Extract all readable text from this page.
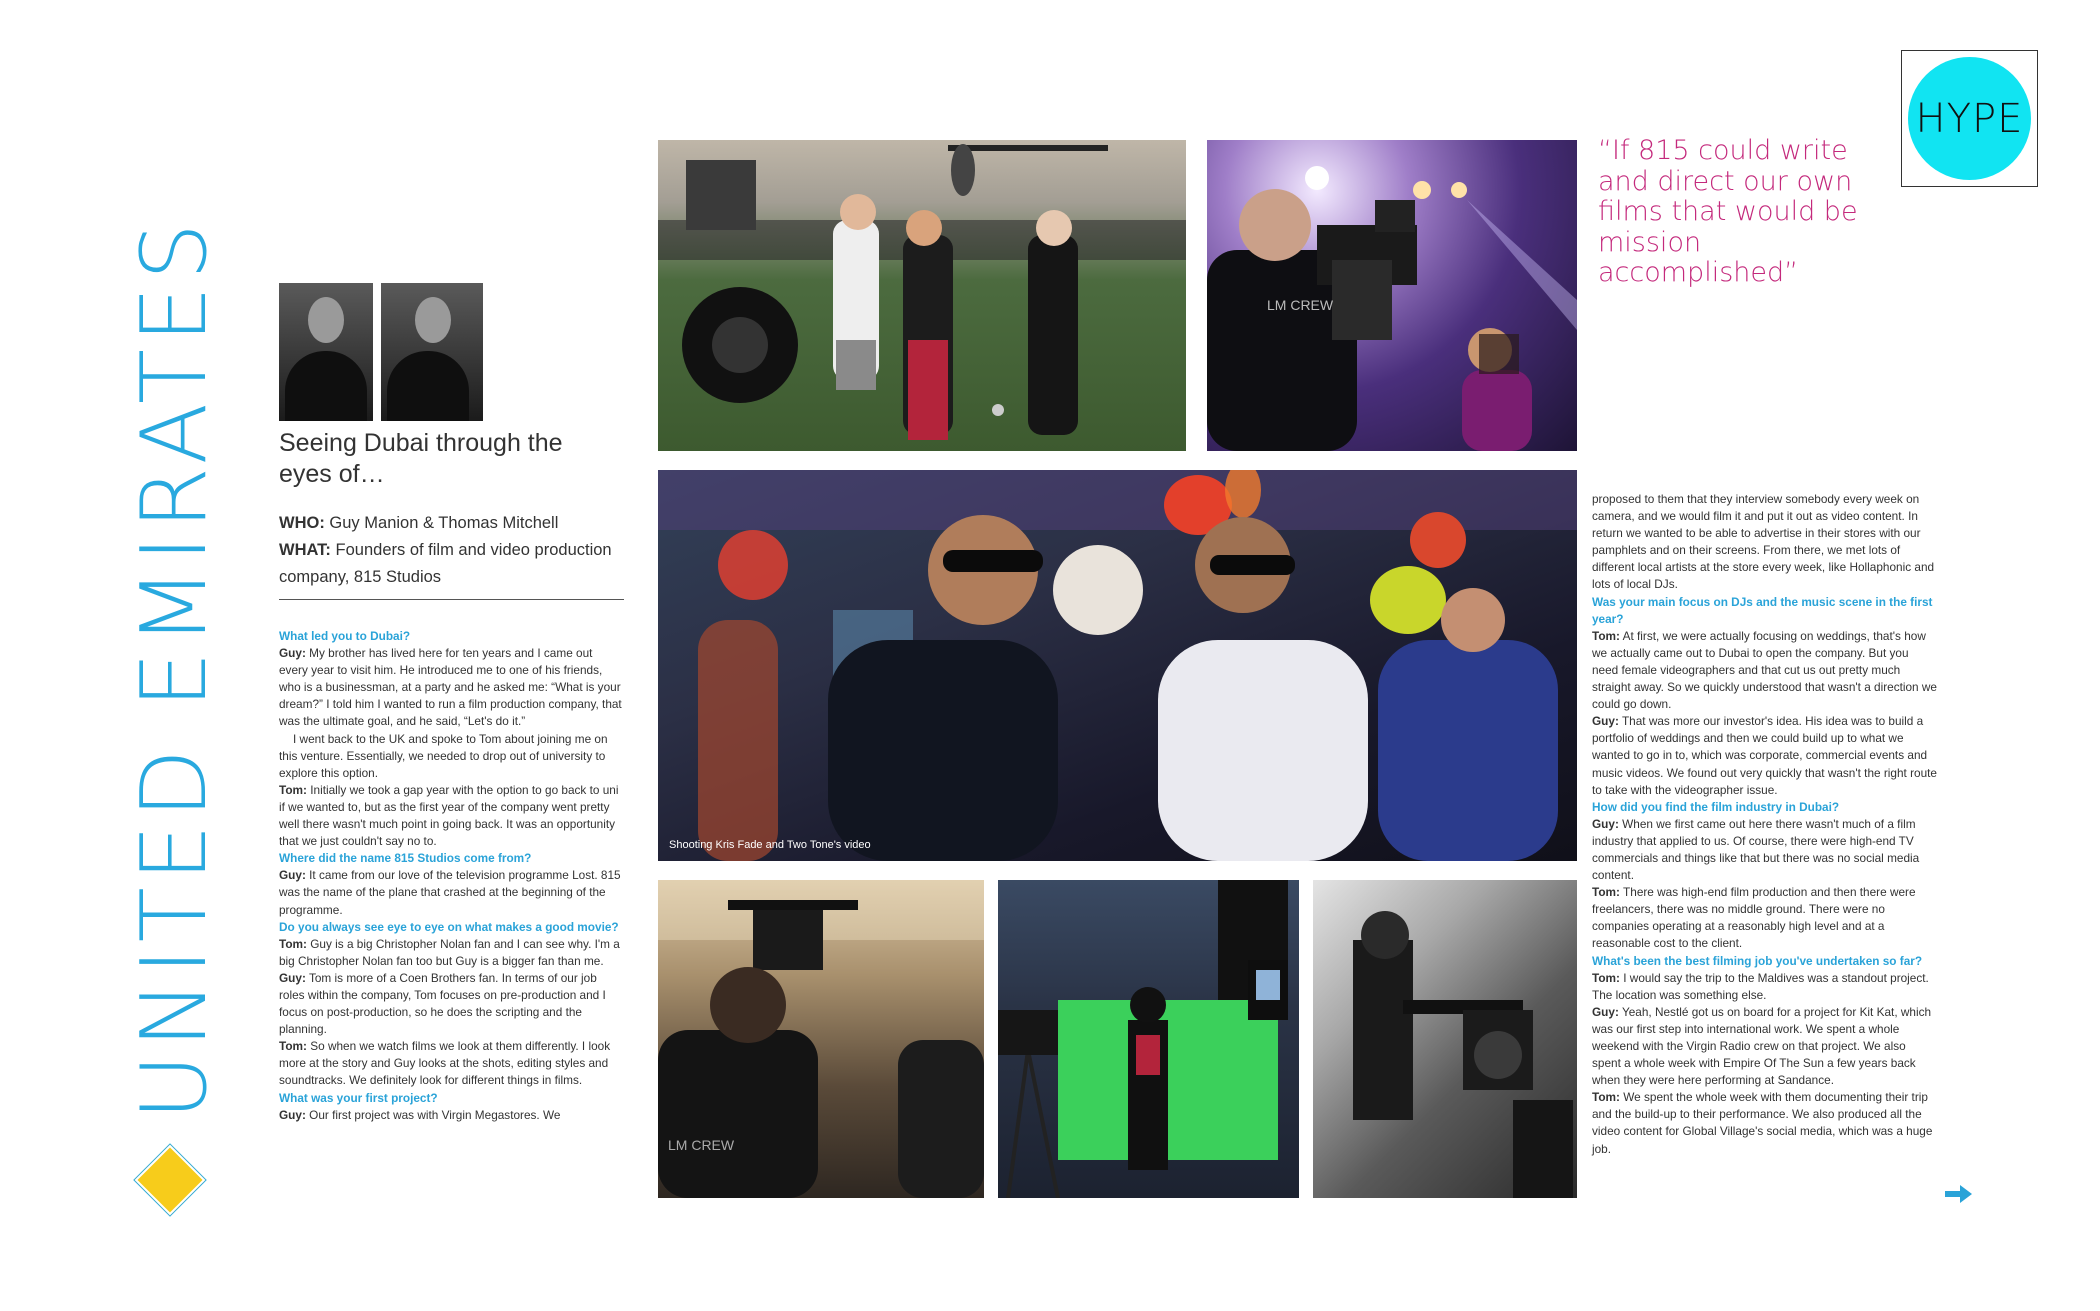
UNITED EMIRATES
HYPE
Seeing Dubai through the eyes of…
WHO: Guy Manion & Thomas Mitchell
WHAT: Founders of film and video production company, 815 Studios

What led you to Dubai?

Guy: My brother has lived here for ten years and I came out every year to visit him. He introduced me to one of his friends, who is a businessman, at a party and he asked me: “What is your dream?” I told him I wanted to run a film production company, that was the ultimate goal, and he said, “Let's do it.”

I went back to the UK and spoke to Tom about joining me on this venture. Essentially, we needed to drop out of university to explore this option.

Tom: Initially we took a gap year with the option to go back to uni if we wanted to, but as the first year of the company went pretty well there wasn't much point in going back. It was an opportunity that we just couldn't say no to.

Where did the name 815 Studios come from?

Guy: It came from our love of the television programme Lost. 815 was the name of the plane that crashed at the beginning of the programme.

Do you always see eye to eye on what makes a good movie?

Tom: Guy is a big Christopher Nolan fan and I can see why. I'm a big Christopher Nolan fan too but Guy is a bigger fan than me.

Guy: Tom is more of a Coen Brothers fan. In terms of our job roles within the company, Tom focuses on pre-production and I focus on post-production, so he does the scripting and the planning.

Tom: So when we watch films we look at them differently. I look more at the story and Guy looks at the shots, editing styles and soundtracks. We definitely look for different things in films.

What was your first project?

Guy: Our first project was with Virgin Megastores. We

LM CREW
Shooting Kris Fade and Two Tone's video
LM CREW

“If 815 could write and direct our own films that would be mission accomplished”

proposed to them that they interview somebody every week on camera, and we would film it and put it out as video content. In return we wanted to be able to advertise in their stores with our pamphlets and on their screens. From there, we met lots of different local artists at the store every week, like Hollaphonic and lots of local DJs.

Was your main focus on DJs and the music scene in the first year?

Tom: At first, we were actually focusing on weddings, that's how we actually came out to Dubai to open the company. But you need female videographers and that cut us out pretty much straight away. So we quickly understood that wasn't a direction we could go down.

Guy: That was more our investor's idea. His idea was to build a portfolio of weddings and then we could build up to what we wanted to go in to, which was corporate, commercial events and music videos. We found out very quickly that wasn't the right route to take with the videographer issue.

How did you find the film industry in Dubai?

Guy: When we first came out here there wasn't much of a film industry that applied to us. Of course, there were high-end TV commercials and things like that but there was no social media content.

Tom: There was high-end film production and then there were freelancers, there was no middle ground. There were no companies operating at a reasonably high level and at a reasonable cost to the client.

What's been the best filming job you've undertaken so far?

Tom: I would say the trip to the Maldives was a standout project. The location was something else.

Guy: Yeah, Nestlé got us on board for a project for Kit Kat, which was our first step into international work. We spent a whole weekend with the Virgin Radio crew on that project. We also spent a whole week with Empire Of The Sun a few years back when they were here performing at Sandance.

Tom: We spent the whole week with them documenting their trip and the build-up to their performance. We also produced all the video content for Global Village's social media, which was a huge job.
